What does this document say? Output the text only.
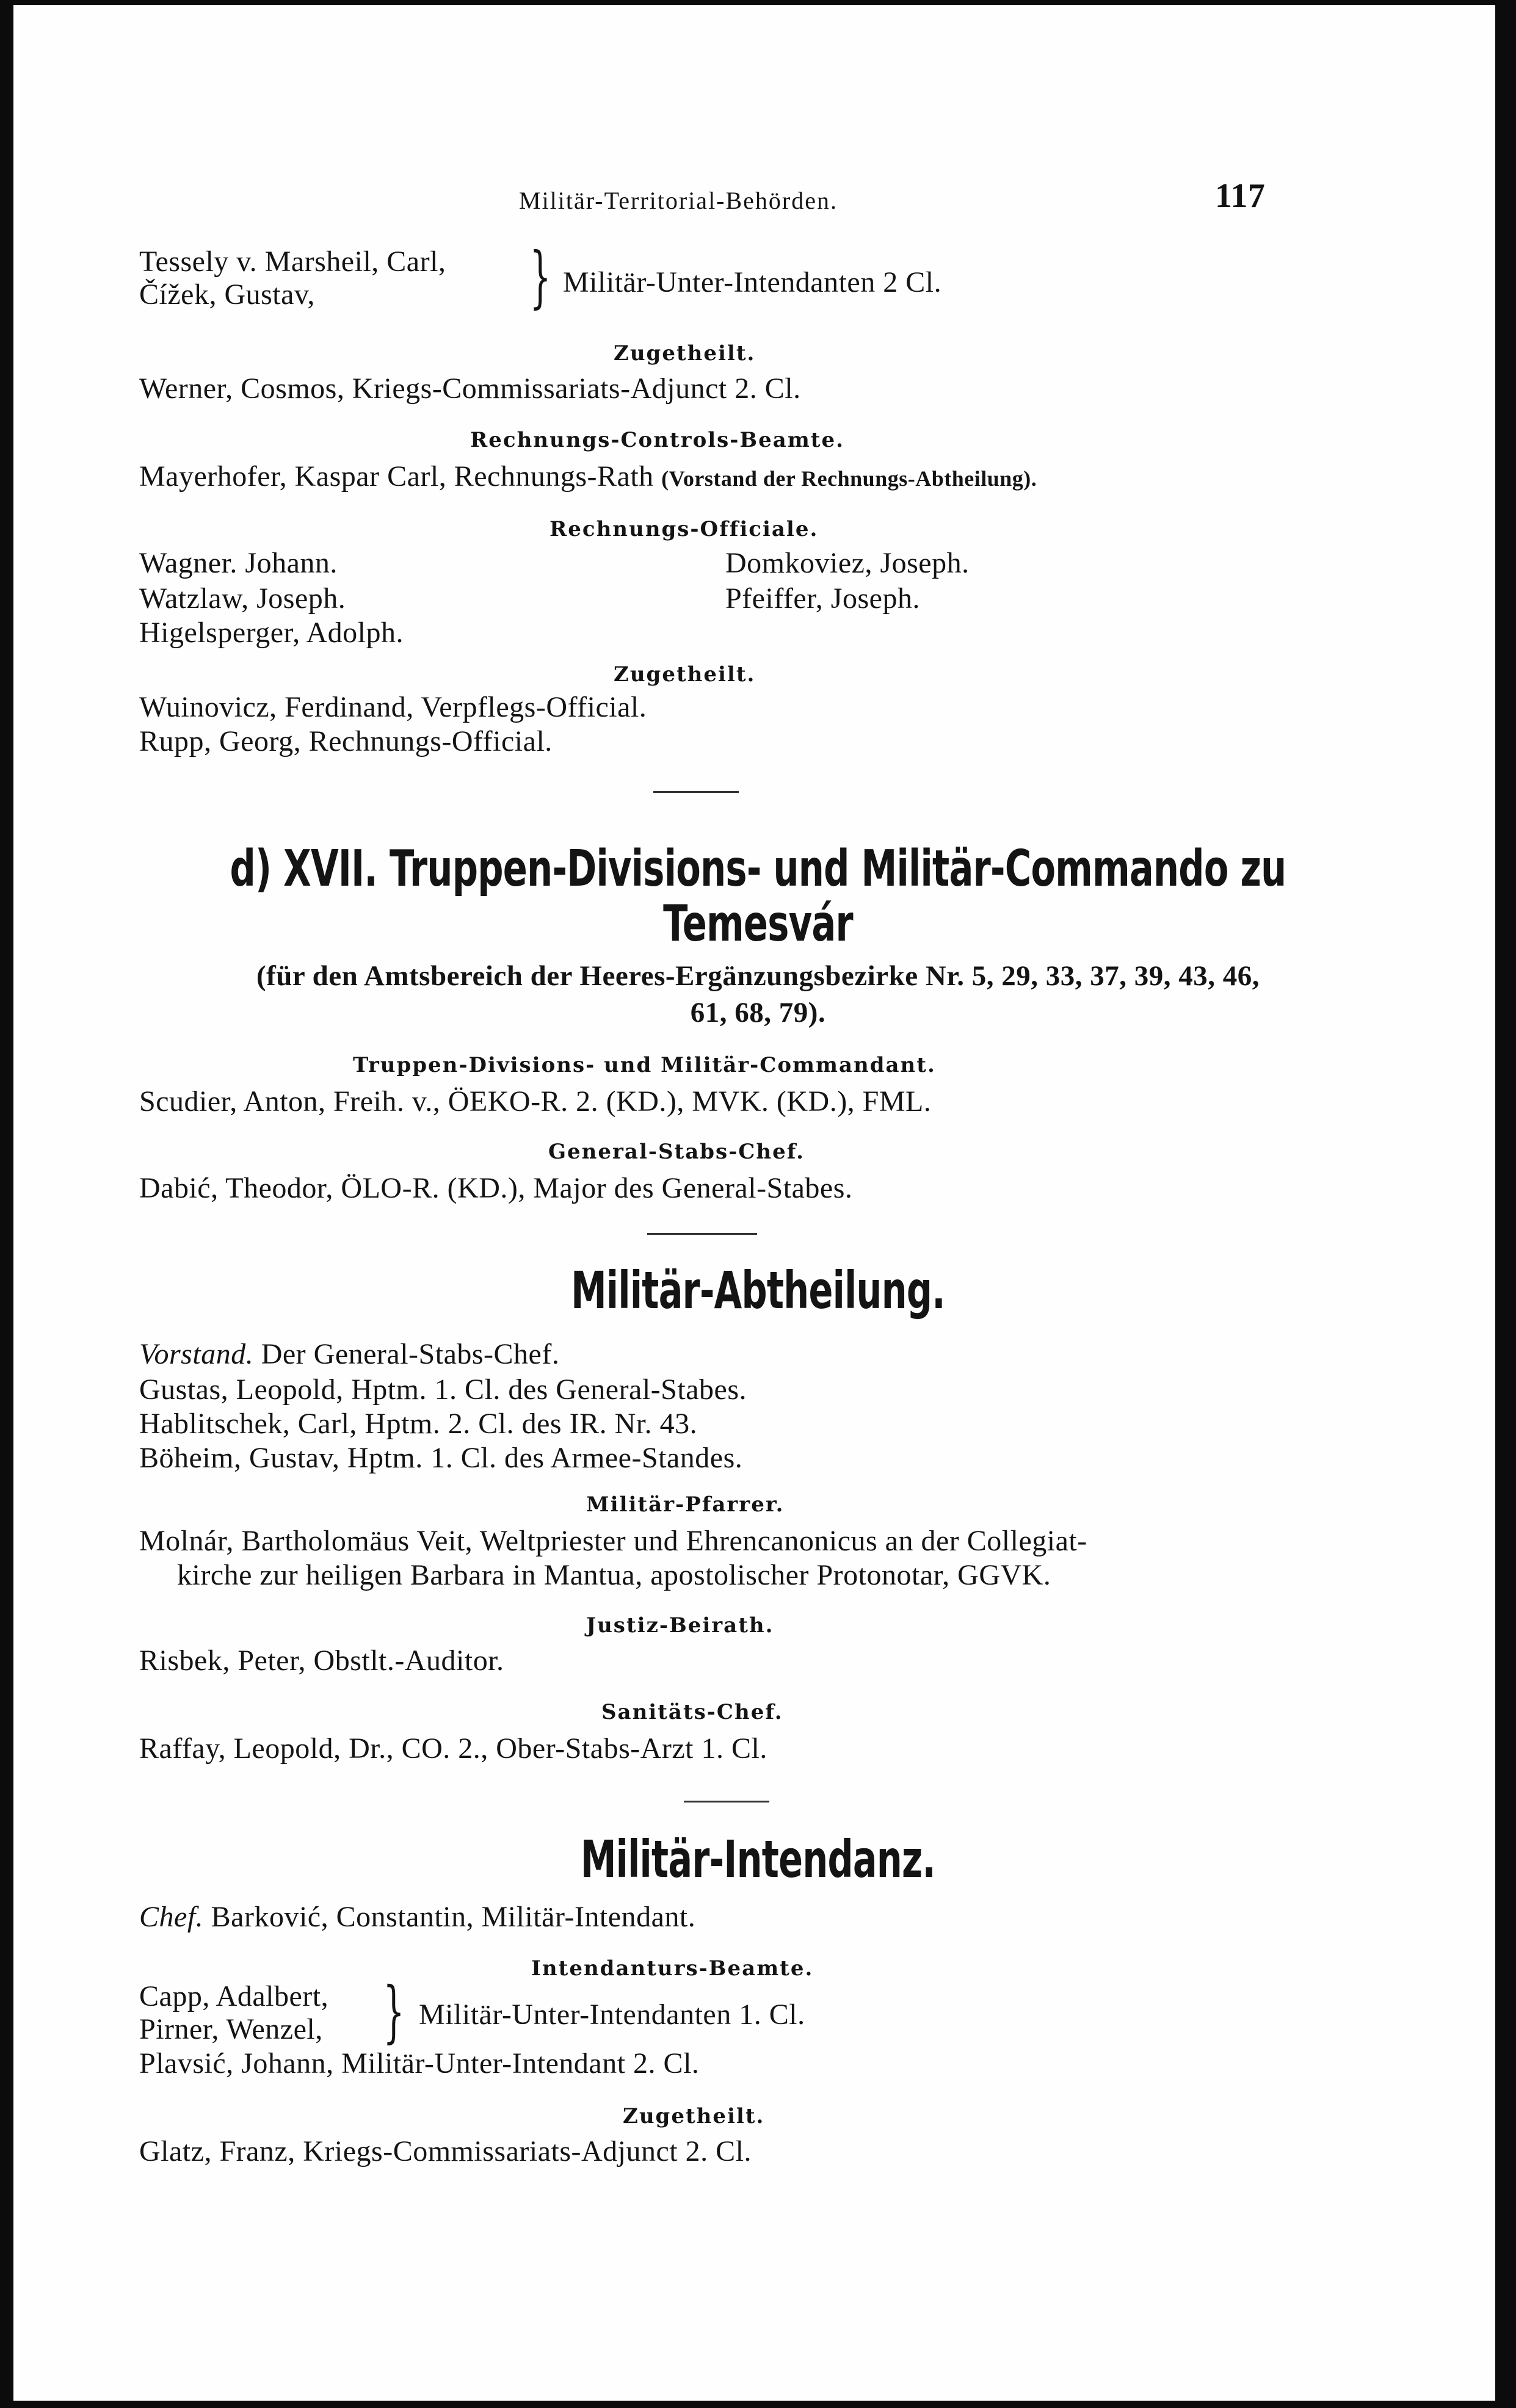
Militär-Territorial-Behörden.	117
Tessely v. Marsheil, Carl,
Čížek, Gustav,	} Militär-Unter-Intendanten 2 Cl.
Zugetheilt.
Werner, Cosmos, Kriegs-Commissariats-Adjunct 2. Cl.
Rechnungs-Controls-Beamte.
Mayerhofer, Kaspar Carl, Rechnungs-Rath (Vorstand der Rechnungs-Abtheilung).
Rechnungs-Officiale.
Wagner. Johann.
Watzlaw, Joseph.
Higelsperger, Adolph.
Domkoviez, Joseph.
Pfeiffer, Joseph.
Zugetheilt.
Wuinovicz, Ferdinand, Verpflegs-Official.
Rupp, Georg, Rechnungs-Official.
d) XVII. Truppen-Divisions- und Militär-Commando zu
Temesvár
(für den Amtsbereich der Heeres-Ergänzungsbezirke Nr. 5, 29, 33, 37, 39, 43, 46,
61, 68, 79).
Truppen-Divisions- und Militär-Commandant.
Scudier, Anton, Freih. v., ÖEKO-R. 2. (KD.), MVK. (KD.), FML.
General-Stabs-Chef.
Dabić, Theodor, ÖLO-R. (KD.), Major des General-Stabes.
Militär-Abtheilung.
Vorstand. Der General-Stabs-Chef.
Gustas, Leopold, Hptm. 1. Cl. des General-Stabes.
Hablitschek, Carl, Hptm. 2. Cl. des IR. Nr. 43.
Böheim, Gustav, Hptm. 1. Cl. des Armee-Standes.
Militär-Pfarrer.
Molnár, Bartholomäus Veit, Weltpriester und Ehrencanonicus an der Collegiat-
kirche zur heiligen Barbara in Mantua, apostolischer Protonotar, GGVK.
Justiz-Beirath.
Risbek, Peter, Obstlt.-Auditor.
Sanitäts-Chef.
Raffay, Leopold, Dr., CO. 2., Ober-Stabs-Arzt 1. Cl.
Militär-Intendanz.
Chef. Barković, Constantin, Militär-Intendant.
Intendanturs-Beamte.
Capp, Adalbert,
Pirner, Wenzel, } Militär-Unter-Intendanten 1. Cl.
Plavsić, Johann, Militär-Unter-Intendant 2. Cl.
Zugetheilt.
Glatz, Franz, Kriegs-Commissariats-Adjunct 2. Cl.
